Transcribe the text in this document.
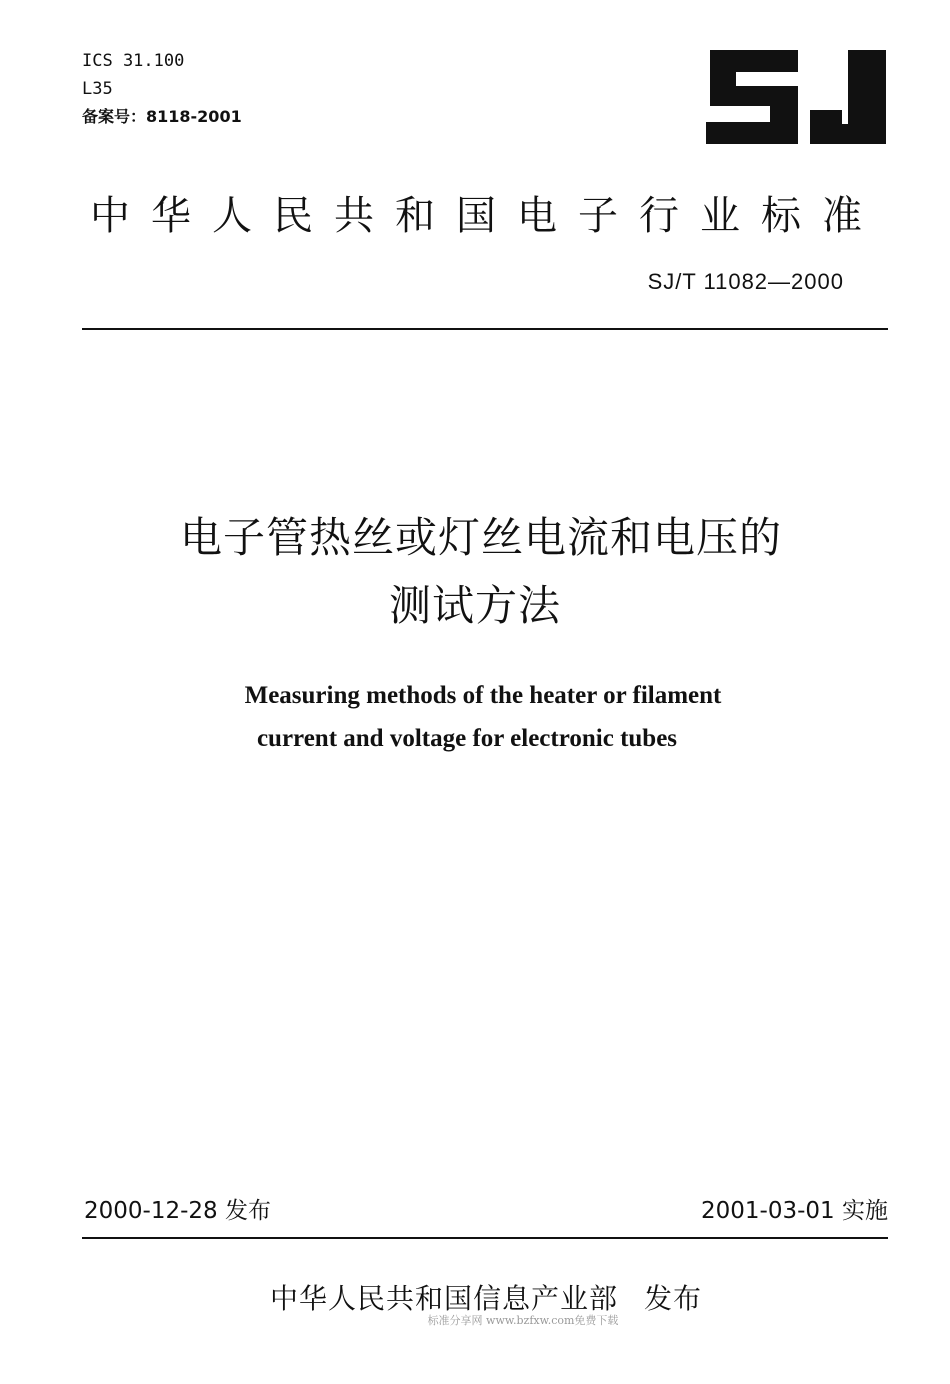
ICS 31.100
L35
备案号：8118-2001
中华人民共和国电子行业标准
SJ/T 11082—2000
电子管热丝或灯丝电流和电压的
测试方法
Measuring methods of the heater or filament
current and voltage for electronic tubes
2000-12-28 发布	2001-03-01 实施
中华人民共和国信息产业部 发布
标准分享网 www.bzfxw.com免费下载
